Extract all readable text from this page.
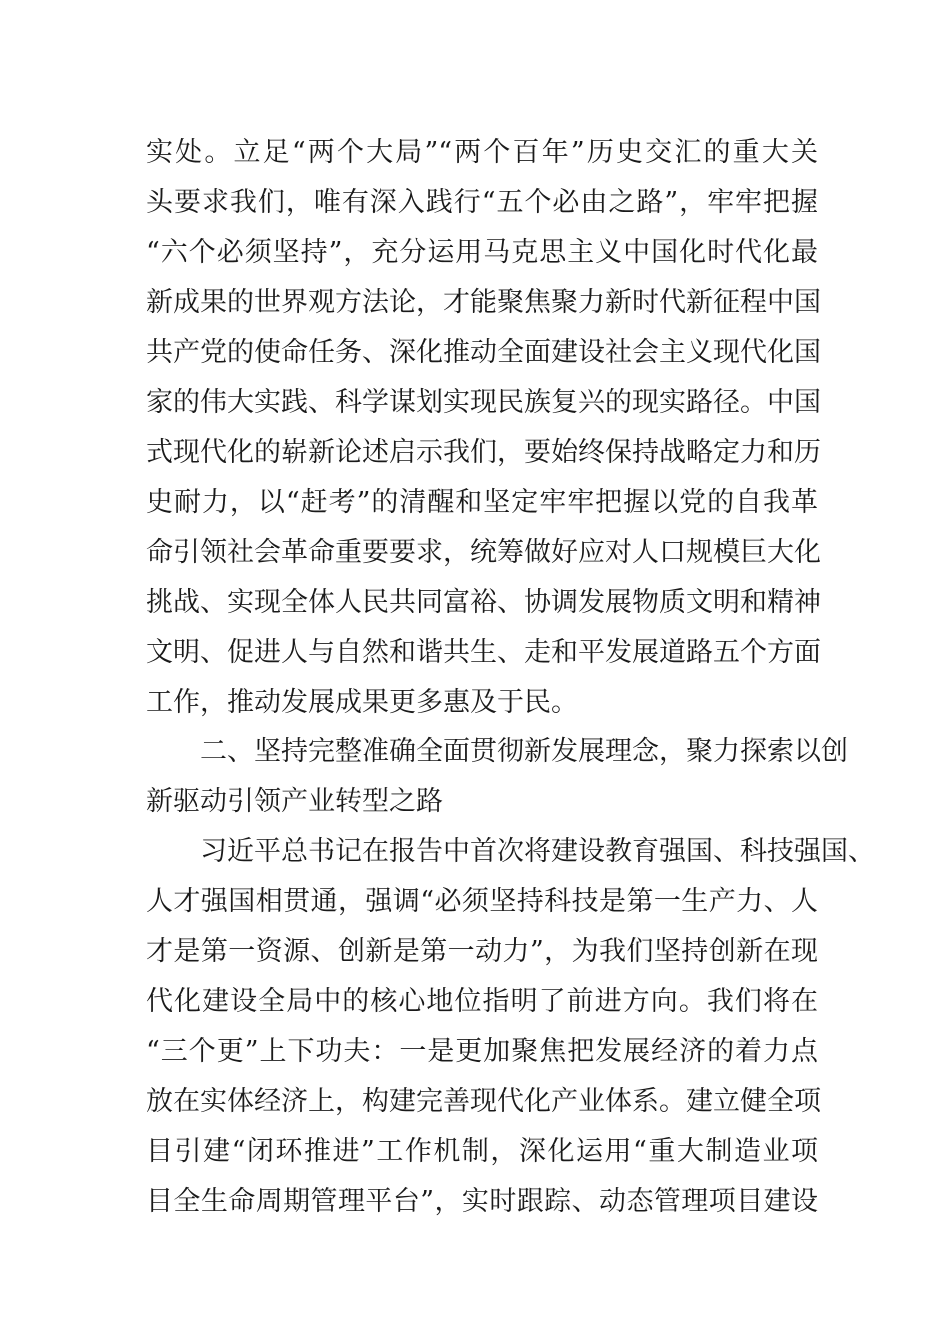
实处。立足“两个大局”“两个百年”历史交汇的重大关
头要求我们，唯有深入践行“五个必由之路”，牢牢把握
“六个必须坚持”，充分运用马克思主义中国化时代化最
新成果的世界观方法论，才能聚焦聚力新时代新征程中国
共产党的使命任务、深化推动全面建设社会主义现代化国
家的伟大实践、科学谋划实现民族复兴的现实路径。中国
式现代化的崭新论述启示我们，要始终保持战略定力和历
史耐力，以“赶考”的清醒和坚定牢牢把握以党的自我革
命引领社会革命重要要求，统筹做好应对人口规模巨大化
挑战、实现全体人民共同富裕、协调发展物质文明和精神
文明、促进人与自然和谐共生、走和平发展道路五个方面
工作，推动发展成果更多惠及于民。
　　二、坚持完整准确全面贯彻新发展理念，聚力探索以创
新驱动引领产业转型之路
　　习近平总书记在报告中首次将建设教育强国、科技强国、
人才强国相贯通，强调“必须坚持科技是第一生产力、人
才是第一资源、创新是第一动力”，为我们坚持创新在现
代化建设全局中的核心地位指明了前进方向。我们将在
“三个更”上下功夫：一是更加聚焦把发展经济的着力点
放在实体经济上，构建完善现代化产业体系。建立健全项
目引建“闭环推进”工作机制，深化运用“重大制造业项
目全生命周期管理平台”，实时跟踪、动态管理项目建设
